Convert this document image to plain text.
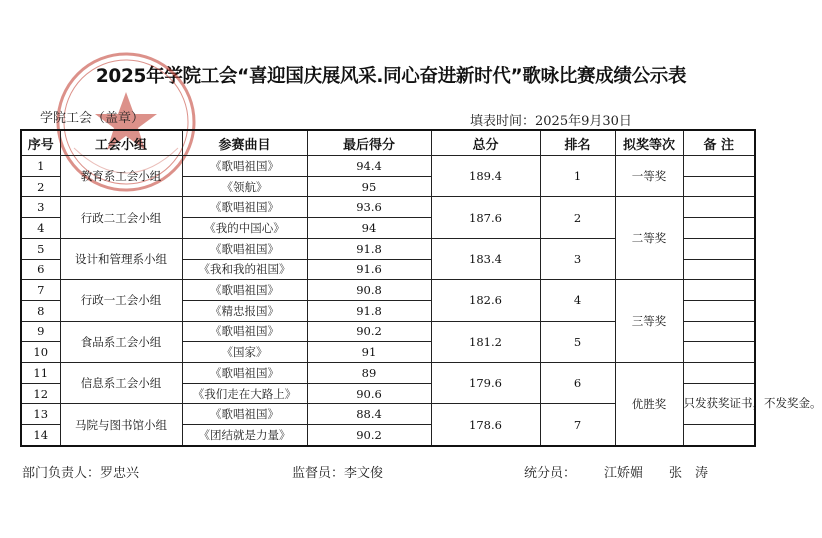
2025年学院工会“喜迎国庆展风采.同心奋进新时代”歌咏比赛成绩公示表
学院工会（盖章）	填表时间：2025年9月30日
序号	工会小组	参赛曲目	最后得分	总分	排名	拟奖等次	备 注
1	教育系工会小组	《歌唱祖国》	94.4	189.4	1	一等奖	
2		《领航》	95				
3	行政二工会小组	《歌唱祖国》	93.6	187.6	2	二等奖	
4		《我的中国心》	94				
5	设计和管理系小组	《歌唱祖国》	91.8	183.4	3		
6		《我和我的祖国》	91.6				
7	行政一工会小组	《歌唱祖国》	90.8	182.6	4	三等奖	
8		《精忠报国》	91.8				
9	食品系工会小组	《歌唱祖国》	90.2	181.2	5		
10		《国家》	91				
11	信息系工会小组	《歌唱祖国》	89	179.6	6	优胜奖	
12		《我们走在大路上》	90.6				只发获奖证书，不发奖金。
13	马院与图书馆小组	《歌唱祖国》	88.4	178.6	7		
14		《团结就是力量》	90.2				
部门负责人：罗忠兴	监督员：李文俊	统分员： 江娇媚　　张　涛
